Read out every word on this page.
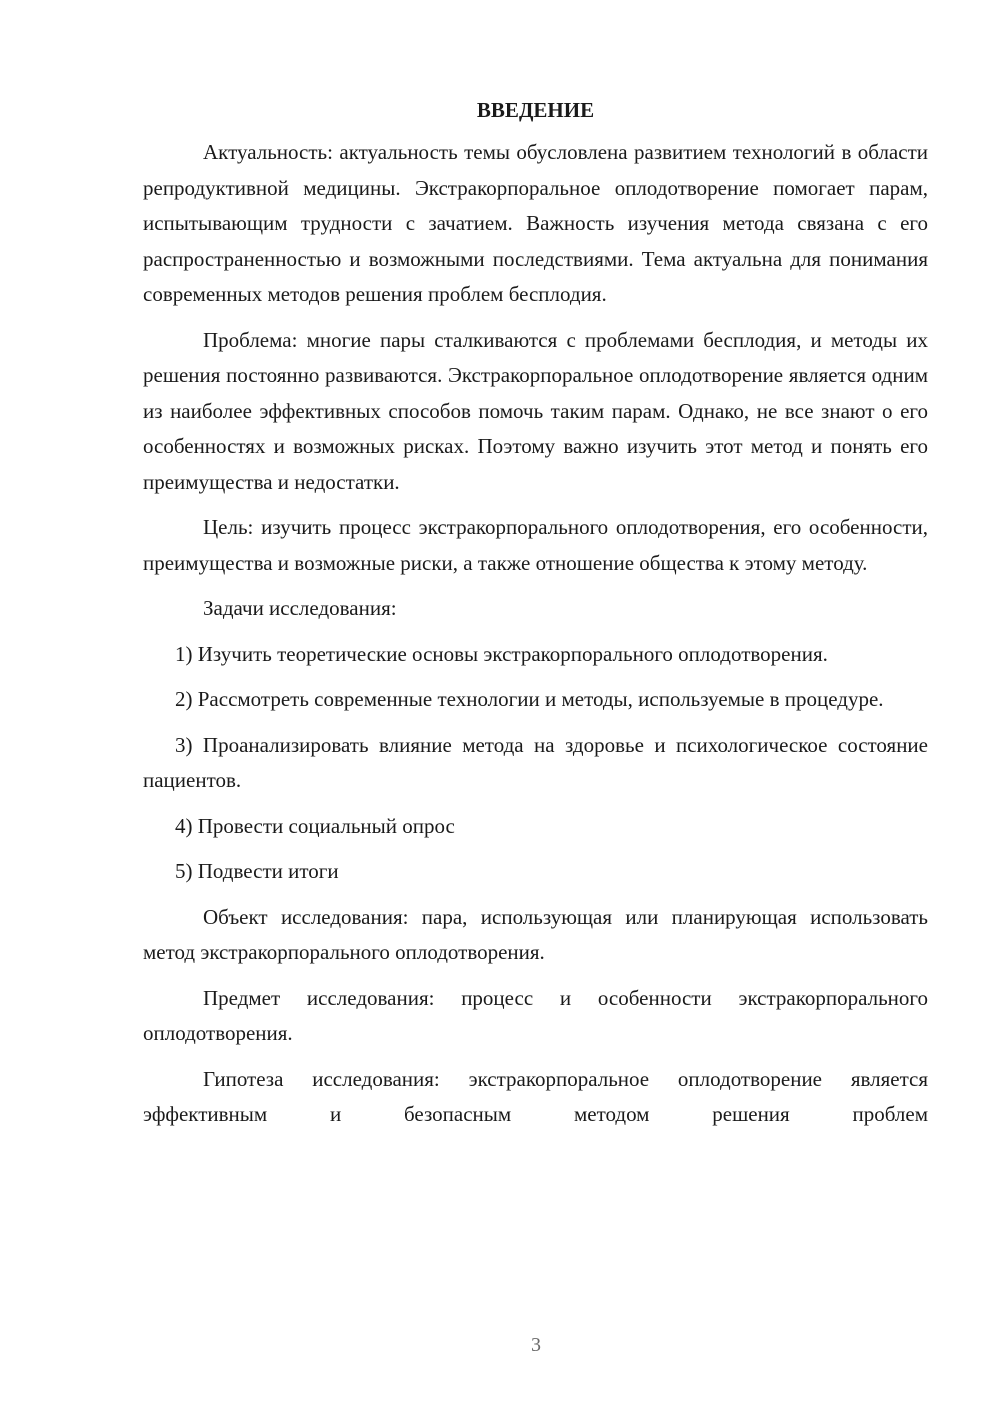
ВВЕДЕНИЕ

Актуальность: актуальность темы обусловлена развитием технологий в области репродуктивной медицины. Экстракорпоральное оплодотворение помогает парам, испытывающим трудности с зачатием. Важность изучения метода связана с его распространенностью и возможными последствиями. Тема актуальна для понимания современных методов решения проблем бесплодия.

Проблема: многие пары сталкиваются с проблемами бесплодия, и методы их решения постоянно развиваются. Экстракорпоральное оплодотворение является одним из наиболее эффективных способов помочь таким парам. Однако, не все знают о его особенностях и возможных рисках. Поэтому важно изучить этот метод и понять его преимущества и недостатки.

Цель: изучить процесс экстракорпорального оплодотворения, его особенности, преимущества и возможные риски, а также отношение общества к этому методу.

Задачи исследования:

1) Изучить теоретические основы экстракорпорального оплодотворения.

2) Рассмотреть современные технологии и методы, используемые в процедуре.

3) Проанализировать влияние метода на здоровье и психологическое состояние пациентов.

4) Провести социальный опрос

5) Подвести итоги

Объект исследования: пара, использующая или планирующая использовать метод экстракорпорального оплодотворения.

Предмет исследования: процесс и особенности экстракорпорального оплодотворения.

Гипотеза исследования: экстракорпоральное оплодотворение является эффективным и безопасным методом решения проблем

3
